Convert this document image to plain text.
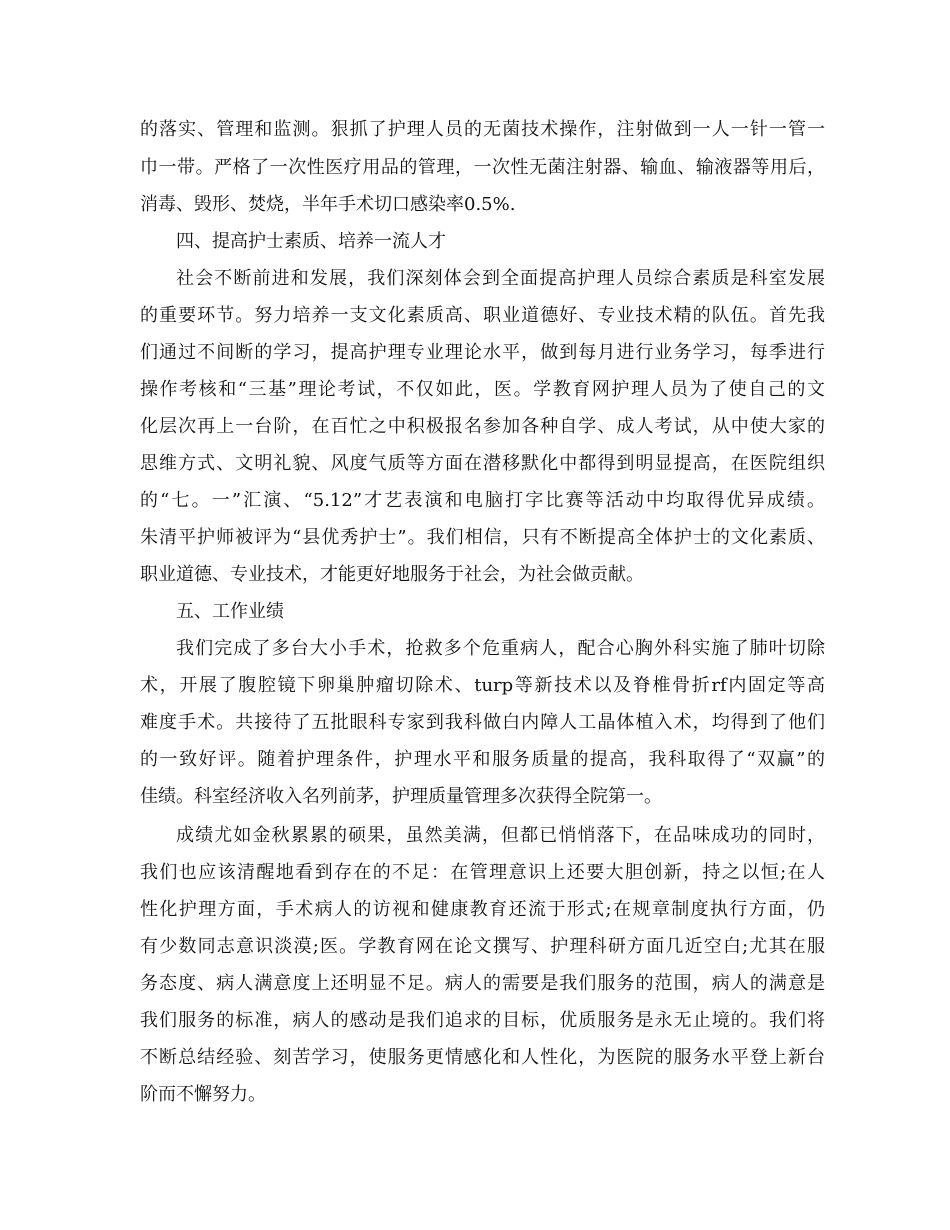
的落实、管理和监测。狠抓了护理人员的无菌技术操作，注射做到一人一针一管一
巾一带。严格了一次性医疗用品的管理，一次性无菌注射器、输血、输液器等用后，
消毒、毁形、焚烧，半年手术切口感染率0.5%.
四、提高护士素质、培养一流人才
社会不断前进和发展，我们深刻体会到全面提高护理人员综合素质是科室发展
的重要环节。努力培养一支文化素质高、职业道德好、专业技术精的队伍。首先我
们通过不间断的学习，提高护理专业理论水平，做到每月进行业务学习，每季进行
操作考核和“三基”理论考试，不仅如此，医。学教育网护理人员为了使自己的文
化层次再上一台阶，在百忙之中积极报名参加各种自学、成人考试，从中使大家的
思维方式、文明礼貌、风度气质等方面在潜移默化中都得到明显提高，在医院组织
的“七。一”汇演、“5.12”才艺表演和电脑打字比赛等活动中均取得优异成绩。
朱清平护师被评为“县优秀护士”。我们相信，只有不断提高全体护士的文化素质、
职业道德、专业技术，才能更好地服务于社会，为社会做贡献。
五、工作业绩
我们完成了多台大小手术，抢救多个危重病人，配合心胸外科实施了肺叶切除
术，开展了腹腔镜下卵巢肿瘤切除术、turp等新技术以及脊椎骨折rf内固定等高
难度手术。共接待了五批眼科专家到我科做白内障人工晶体植入术，均得到了他们
的一致好评。随着护理条件，护理水平和服务质量的提高，我科取得了“双赢”的
佳绩。科室经济收入名列前茅，护理质量管理多次获得全院第一。
成绩尤如金秋累累的硕果，虽然美满，但都已悄悄落下，在品味成功的同时，
我们也应该清醒地看到存在的不足：在管理意识上还要大胆创新，持之以恒;在人
性化护理方面，手术病人的访视和健康教育还流于形式;在规章制度执行方面，仍
有少数同志意识淡漠;医。学教育网在论文撰写、护理科研方面几近空白;尤其在服
务态度、病人满意度上还明显不足。病人的需要是我们服务的范围，病人的满意是
我们服务的标准，病人的感动是我们追求的目标，优质服务是永无止境的。我们将
不断总结经验、刻苦学习，使服务更情感化和人性化，为医院的服务水平登上新台
阶而不懈努力。
